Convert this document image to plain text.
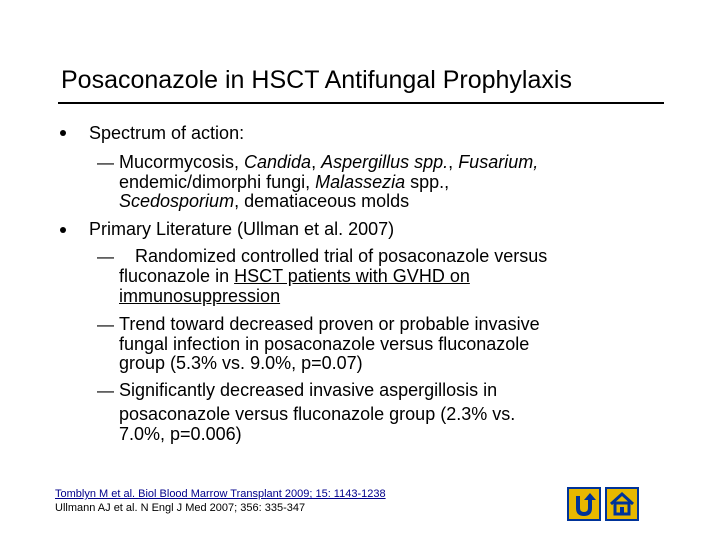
Posaconazole in HSCT Antifungal Prophylaxis
Spectrum of action:
— Mucormycosis, Candida, Aspergillus spp., Fusarium,
endemic/dimorphi fungi, Malassezia spp.,
Scedosporium, dematiaceous molds
Primary Literature (Ullman et al. 2007)
— Randomized controlled trial of posaconazole versus
fluconazole in HSCT patients with GVHD on
immunosuppression
— Trend toward decreased proven or probable invasive
fungal infection in posaconazole versus fluconazole
group (5.3% vs. 9.0%, p=0.07)
— Significantly decreased invasive aspergillosis in
posaconazole versus fluconazole group (2.3% vs.
7.0%, p=0.006)
Tomblyn M et al. Biol Blood Marrow Transplant 2009; 15: 1143-1238
Ullmann AJ et al. N Engl J Med 2007; 356: 335-347
